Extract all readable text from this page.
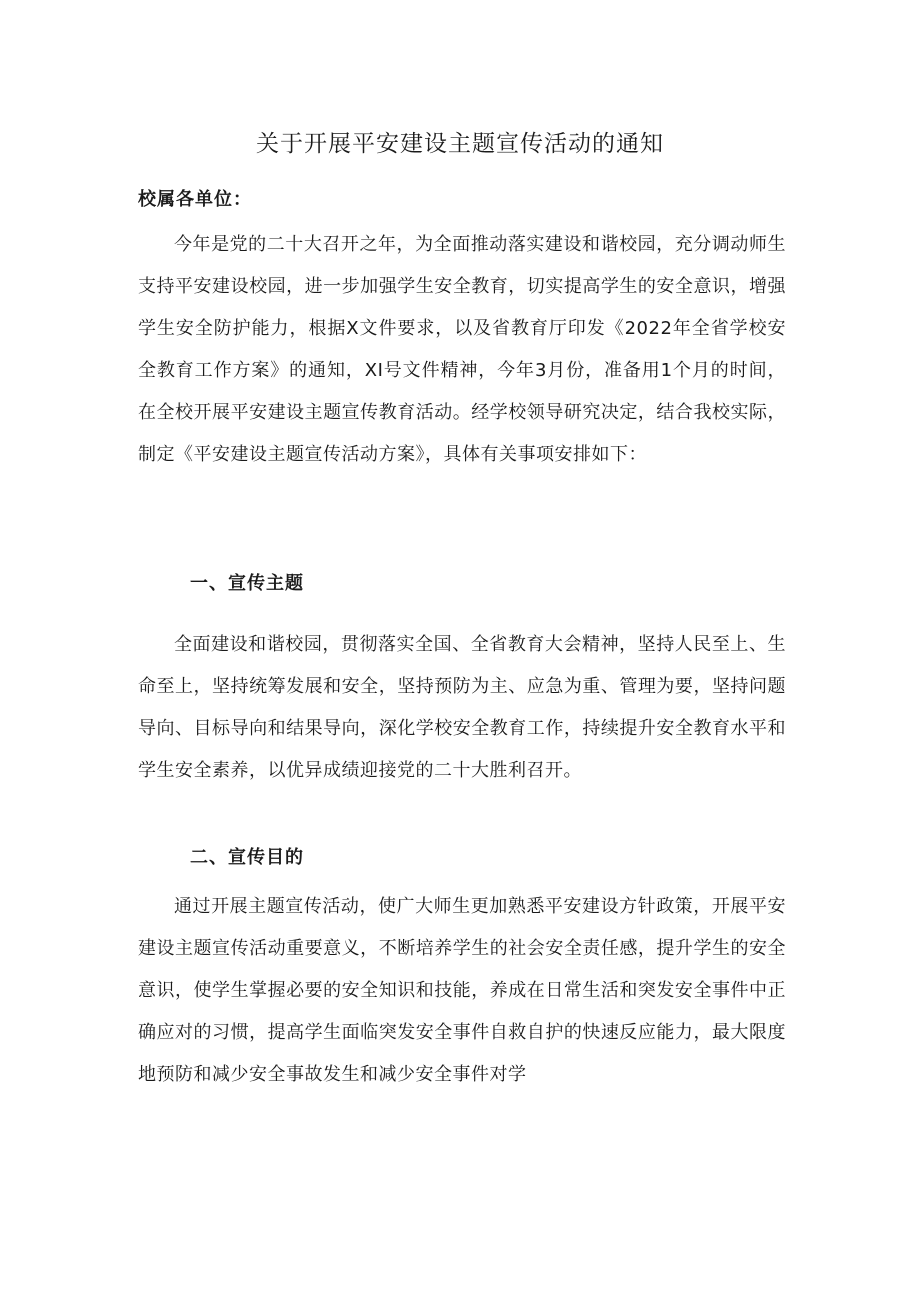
关于开展平安建设主题宣传活动的通知

校属各单位：

今年是党的二十大召开之年，为全面推动落实建设和谐校园，充分调动师生支持平安建设校园，进一步加强学生安全教育，切实提高学生的安全意识，增强学生安全防护能力，根据X文件要求，以及省教育厅印发《2022年全省学校安全教育工作方案》的通知，XI号文件精神，今年3月份，准备用1个月的时间，在全校开展平安建设主题宣传教育活动。经学校领导研究决定，结合我校实际，制定《平安建设主题宣传活动方案》，具体有关事项安排如下：

一、宣传主题

全面建设和谐校园，贯彻落实全国、全省教育大会精神，坚持人民至上、生命至上，坚持统筹发展和安全，坚持预防为主、应急为重、管理为要，坚持问题导向、目标导向和结果导向，深化学校安全教育工作，持续提升安全教育水平和学生安全素养，以优异成绩迎接党的二十大胜利召开。

二、宣传目的

通过开展主题宣传活动，使广大师生更加熟悉平安建设方针政策，开展平安建设主题宣传活动重要意义，不断培养学生的社会安全责任感，提升学生的安全意识，使学生掌握必要的安全知识和技能，养成在日常生活和突发安全事件中正确应对的习惯，提高学生面临突发安全事件自救自护的快速反应能力，最大限度地预防和减少安全事故发生和减少安全事件对学
